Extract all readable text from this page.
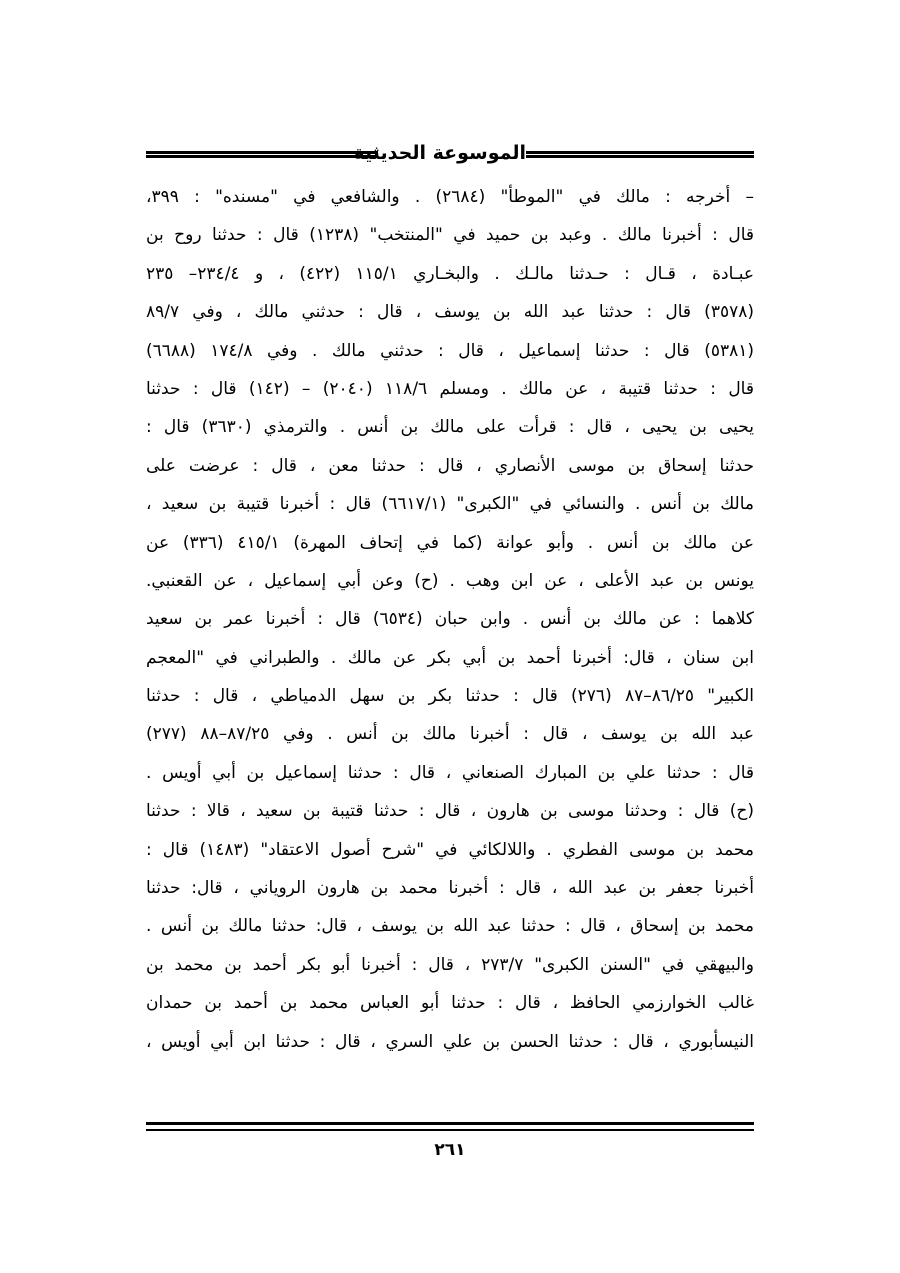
الموسوعة الحديثية
– أخرجه : مالك في "الموطأ" (٢٦٨٤) . والشافعي في "مسنده" : ٣٩٩،
قال : أخبرنا مالك . وعبد بن حميد في "المنتخب" (١٢٣٨) قال : حدثنا روح بن
عبـادة ، قـال : حـدثنا مالـك . والبخـاري ١١٥/١ (٤٢٢) ، و ٢٣٤/٤– ٢٣٥
(٣٥٧٨) قال : حدثنا عبد الله بن يوسف ، قال : حدثني مالك ، وفي ٨٩/٧
(٥٣٨١) قال : حدثنا إسماعيل ، قال : حدثني مالك . وفي ١٧٤/٨ (٦٦٨٨)
قال : حدثنا قتيبة ، عن مالك . ومسلم ١١٨/٦ (٢٠٤٠) – (١٤٢) قال : حدثنا
يحيى بن يحيى ، قال : قرأت على مالك بن أنس . والترمذي (٣٦٣٠) قال :
حدثنا إسحاق بن موسى الأنصاري ، قال : حدثنا معن ، قال : عرضت على
مالك بن أنس . والنسائي في "الكبرى" (٦٦١٧/١) قال : أخبرنا قتيبة بن سعيد ،
عن مالك بن أنس . وأبو عوانة (كما في إتحاف المهرة) ٤١٥/١ (٣٣٦) عن
يونس بن عبد الأعلى ، عن ابن وهب . (ح) وعن أبي إسماعيل ، عن القعنبي.
كلاهما : عن مالك بن أنس . وابن حبان (٦٥٣٤) قال : أخبرنا عمر بن سعيد
ابن سنان ، قال: أخبرنا أحمد بن أبي بكر عن مالك . والطبراني في "المعجم
الكبير" ٨٦/٢٥–٨٧ (٢٧٦) قال : حدثنا بكر بن سهل الدمياطي ، قال : حدثنا
عبد الله بن يوسف ، قال : أخبرنا مالك بن أنس . وفي ٨٧/٢٥–٨٨ (٢٧٧)
قال : حدثنا علي بن المبارك الصنعاني ، قال : حدثنا إسماعيل بن أبي أويس .
(ح) قال : وحدثنا موسى بن هارون ، قال : حدثنا قتيبة بن سعيد ، قالا : حدثنا
محمد بن موسى الفطري . واللالكائي في "شرح أصول الاعتقاد" (١٤٨٣) قال :
أخبرنا جعفر بن عبد الله ، قال : أخبرنا محمد بن هارون الروياني ، قال: حدثنا
محمد بن إسحاق ، قال : حدثنا عبد الله بن يوسف ، قال: حدثنا مالك بن أنس .
والبيهقي في "السنن الكبرى" ٢٧٣/٧ ، قال : أخبرنا أبو بكر أحمد بن محمد بن
غالب الخوارزمي الحافظ ، قال : حدثنا أبو العباس محمد بن أحمد بن حمدان
النيسأبوري ، قال : حدثنا الحسن بن علي السري ، قال : حدثنا ابن أبي أويس ،
٢٦١
